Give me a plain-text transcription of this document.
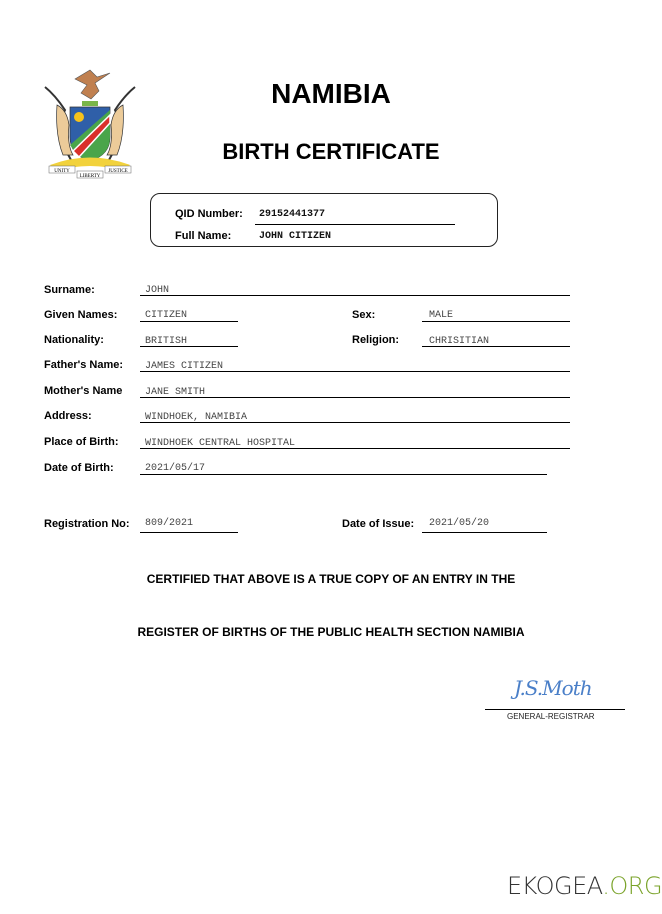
UNITY
LIBERTY
JUSTICE
NAMIBIA
BIRTH CERTIFICATE
QID Number: 29152441377
Full Name:	JOHN CITIZEN
Surname:	JOHN
Given Names:	CITIZEN	Sex:	MALE
Nationality:	BRITISH	Religion:	CHRISITIAN
Father's Name: JAMES CITIZEN
Mother's Name JANE SMITH
Address:	WINDHOEK, NAMIBIA
Place of Birth:	WINDHOEK CENTRAL HOSPITAL
Date of Birth:	2021/05/17
Registration No: 809/2021	Date of Issue: 2021/05/20
CERTIFIED THAT ABOVE IS A TRUE COPY OF AN ENTRY IN THE
REGISTER OF BIRTHS OF THE PUBLIC HEALTH SECTION NAMIBIA
J.S.Moth
GENERAL-REGISTRAR
EKOGEA.ORG
